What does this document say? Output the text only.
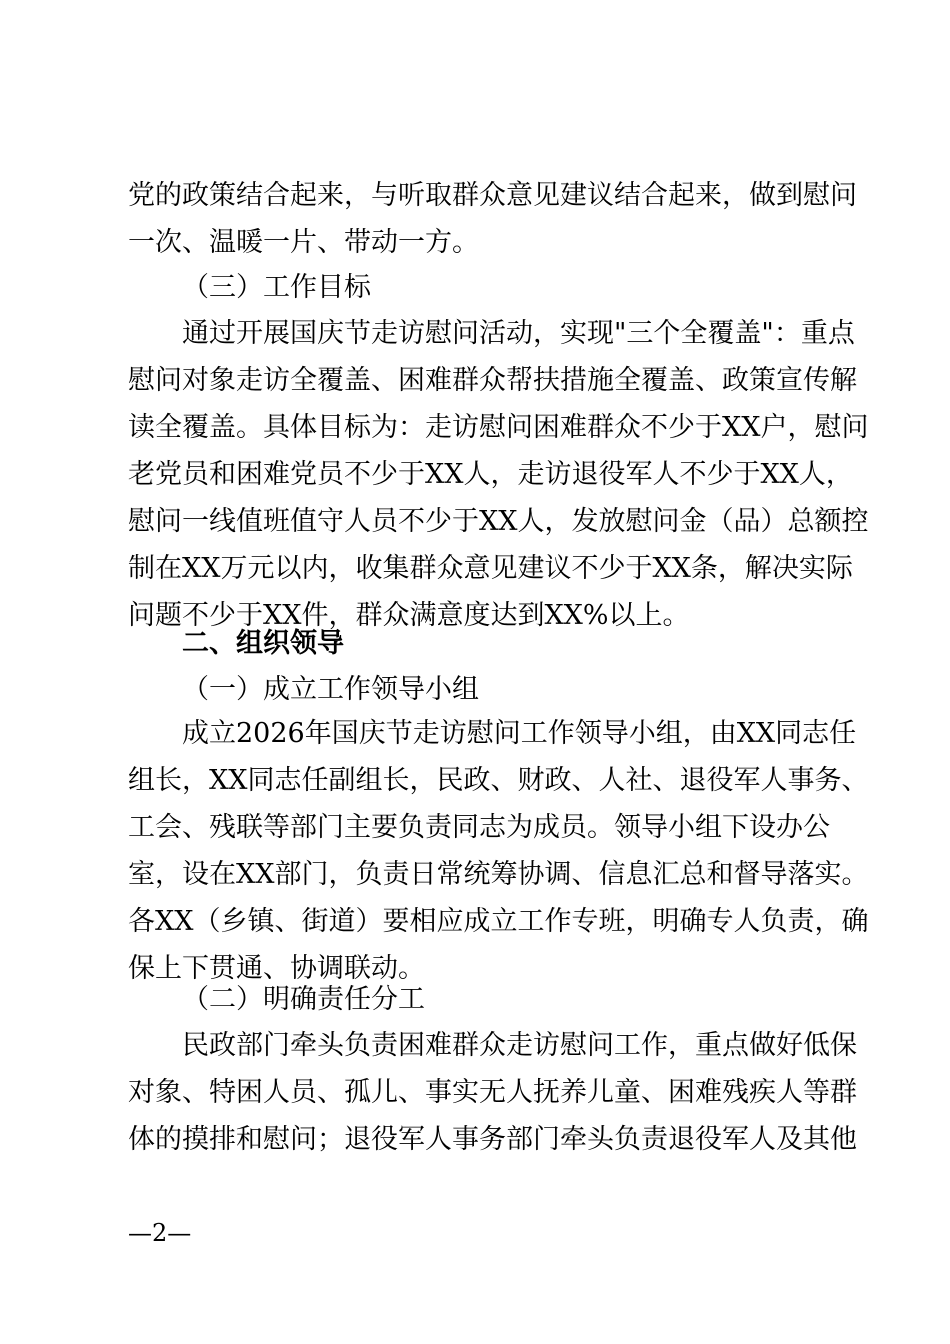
党的政策结合起来，与听取群众意见建议结合起来，做到慰问
一次、温暖一片、带动一方。
（三）工作目标
通过开展国庆节走访慰问活动，实现"三个全覆盖"：重点
慰问对象走访全覆盖、困难群众帮扶措施全覆盖、政策宣传解
读全覆盖。具体目标为：走访慰问困难群众不少于XX户，慰问
老党员和困难党员不少于XX人，走访退役军人不少于XX人，
慰问一线值班值守人员不少于XX人，发放慰问金（品）总额控
制在XX万元以内，收集群众意见建议不少于XX条，解决实际
问题不少于XX件，群众满意度达到XX%以上。
二、组织领导
（一）成立工作领导小组
成立2026年国庆节走访慰问工作领导小组，由XX同志任
组长，XX同志任副组长，民政、财政、人社、退役军人事务、
工会、残联等部门主要负责同志为成员。领导小组下设办公
室，设在XX部门，负责日常统筹协调、信息汇总和督导落实。
各XX（乡镇、街道）要相应成立工作专班，明确专人负责，确
保上下贯通、协调联动。
（二）明确责任分工
民政部门牵头负责困难群众走访慰问工作，重点做好低保
对象、特困人员、孤儿、事实无人抚养儿童、困难残疾人等群
体的摸排和慰问；退役军人事务部门牵头负责退役军人及其他
—2—
